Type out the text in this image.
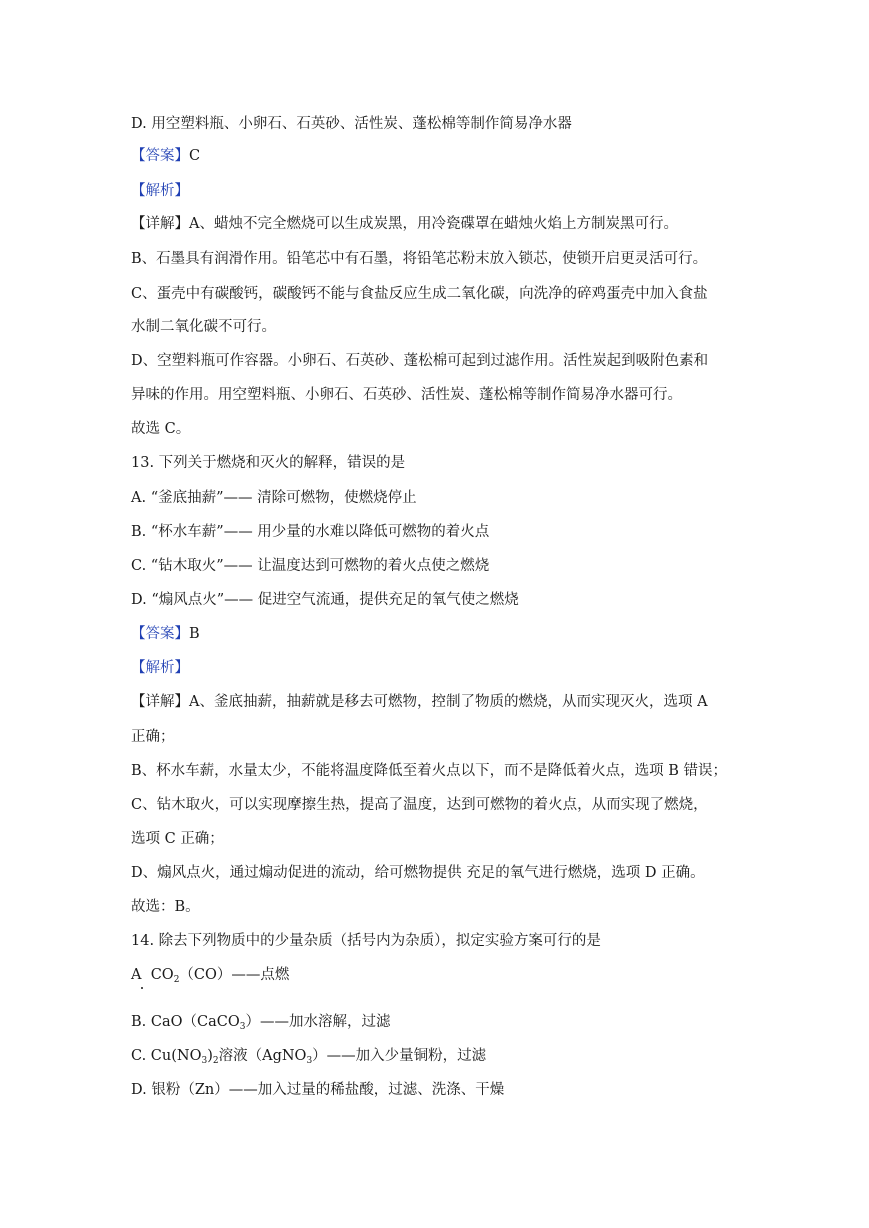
D. 用空塑料瓶、小卵石、石英砂、活性炭、蓬松棉等制作简易净水器
【答案】C
【解析】
【详解】A、蜡烛不完全燃烧可以生成炭黑，用冷瓷碟罩在蜡烛火焰上方制炭黑可行。
B、石墨具有润滑作用。铅笔芯中有石墨，将铅笔芯粉末放入锁芯，使锁开启更灵活可行。
C、蛋壳中有碳酸钙，碳酸钙不能与食盐反应生成二氧化碳，向洗净的碎鸡蛋壳中加入食盐
水制二氧化碳不可行。
D、空塑料瓶可作容器。小卵石、石英砂、蓬松棉可起到过滤作用。活性炭起到吸附色素和
异味的作用。用空塑料瓶、小卵石、石英砂、活性炭、蓬松棉等制作简易净水器可行。
故选 C。
13. 下列关于燃烧和灭火的解释，错误的是
A. “釜底抽薪”—— 清除可燃物，使燃烧停止
B. “杯水车薪”—— 用少量的水难以降低可燃物的着火点
C. “钻木取火”—— 让温度达到可燃物的着火点使之燃烧
D. “煽风点火”—— 促进空气流通，提供充足的氧气使之燃烧
【答案】B
【解析】
【详解】A、釜底抽薪，抽薪就是移去可燃物，控制了物质的燃烧，从而实现灭火，选项 A
正确；
B、杯水车薪，水量太少，不能将温度降低至着火点以下，而不是降低着火点，选项 B 错误；
C、钻木取火，可以实现摩擦生热，提高了温度，达到可燃物的着火点，从而实现了燃烧，
选项 C 正确；
D、煽风点火，通过煽动促进的流动，给可燃物提供 充足的氧气进行燃烧，选项 D 正确。
故选：B。
14. 除去下列物质中的少量杂质（括号内为杂质），拟定实验方案可行的是
A $CO_2(CO)——$点燃
B. CaO（CaCO$_3$）——加水溶解，过滤
C. $Cu(NO_3)_2$溶液（AgNO$_3$）——加入少量铜粉，过滤
D. 银粉（Zn）——加入过量的稀盐酸，过滤、洗涤、干燥
